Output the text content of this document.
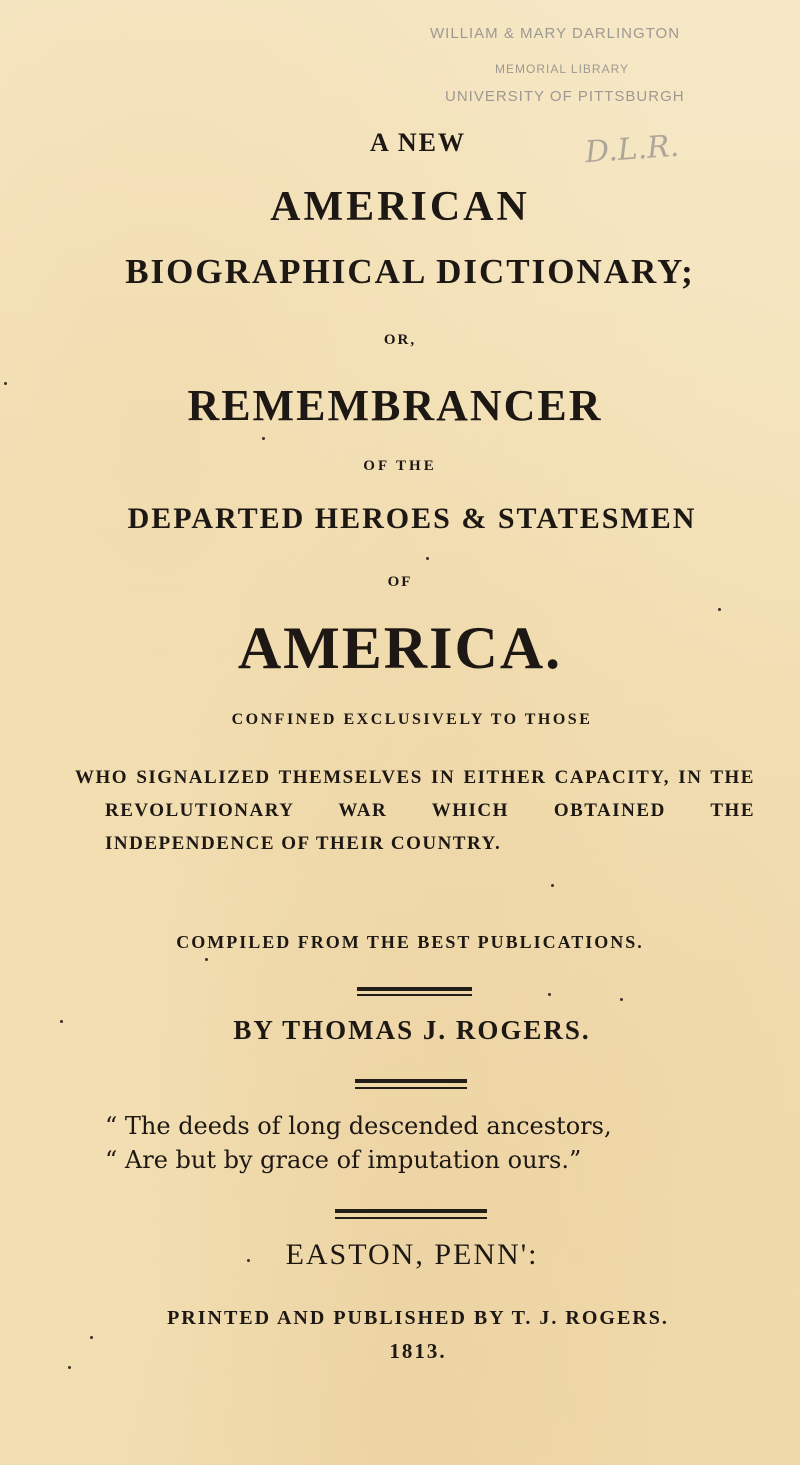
WILLIAM & MARY DARLINGTON
MEMORIAL LIBRARY
UNIVERSITY OF PITTSBURGH
D.L.R.
A NEW
AMERICAN
BIOGRAPHICAL DICTIONARY;
OR,
REMEMBRANCER
OF THE
DEPARTED HEROES & STATESMEN
OF
AMERICA.
CONFINED EXCLUSIVELY TO THOSE
WHO SIGNALIZED THEMSELVES IN EITHER CAPACITY, IN THE REVOLUTIONARY WAR WHICH OBTAINED THE INDEPENDENCE OF THEIR COUNTRY.
COMPILED FROM THE BEST PUBLICATIONS.
BY THOMAS J. ROGERS.
“ The deeds of long descended ancestors,
“ Are but by grace of imputation ours.”
EASTON, PENN':
PRINTED AND PUBLISHED BY T. J. ROGERS.
1813.
